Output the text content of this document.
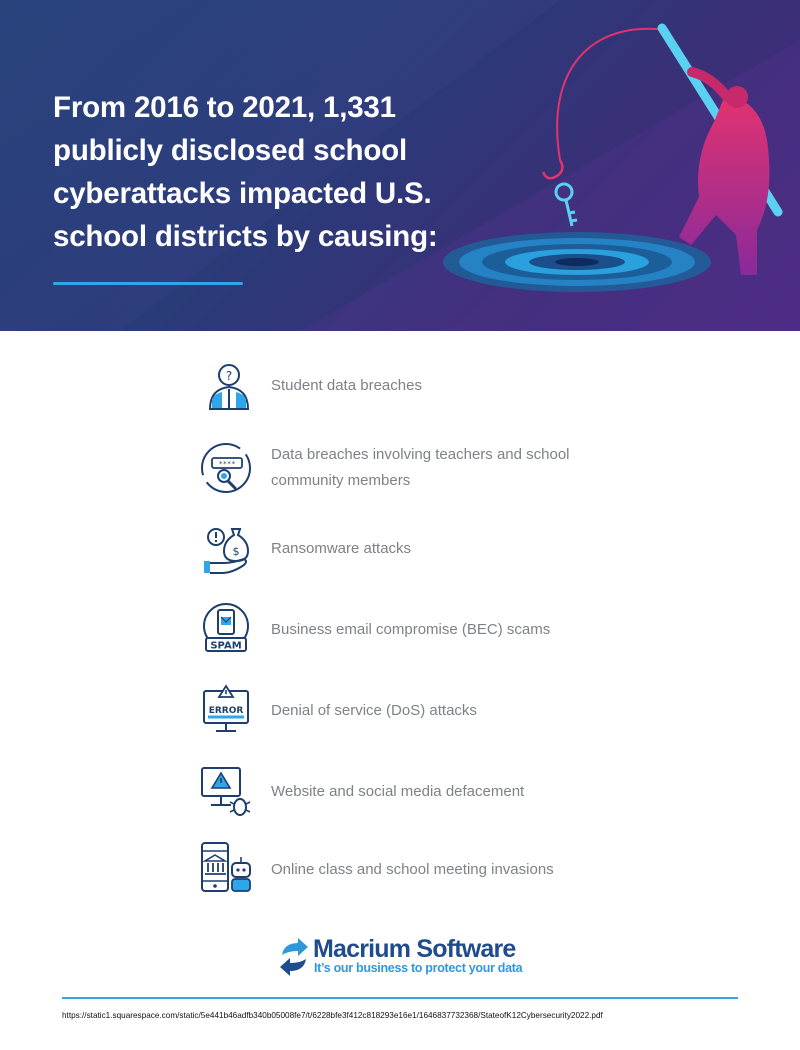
From 2016 to 2021, 1,331 publicly disclosed school cyberattacks impacted U.S. school districts by causing:
?
Student data breaches
****
Data breaches involving teachers and school community members
$ Ransomware attacks
SPAM
Business email compromise (BEC) scams
ERROR Denial of service (DoS) attacks
Website and social media defacement
Online class and school meeting invasions
Macrium Software
It’s our business to protect your data
https://static1.squarespace.com/static/5e441b46adfb340b05008fe7/t/6228bfe3f412c818293e16e1/1646837732368/StateofK12Cybersecurity2022.pdf
